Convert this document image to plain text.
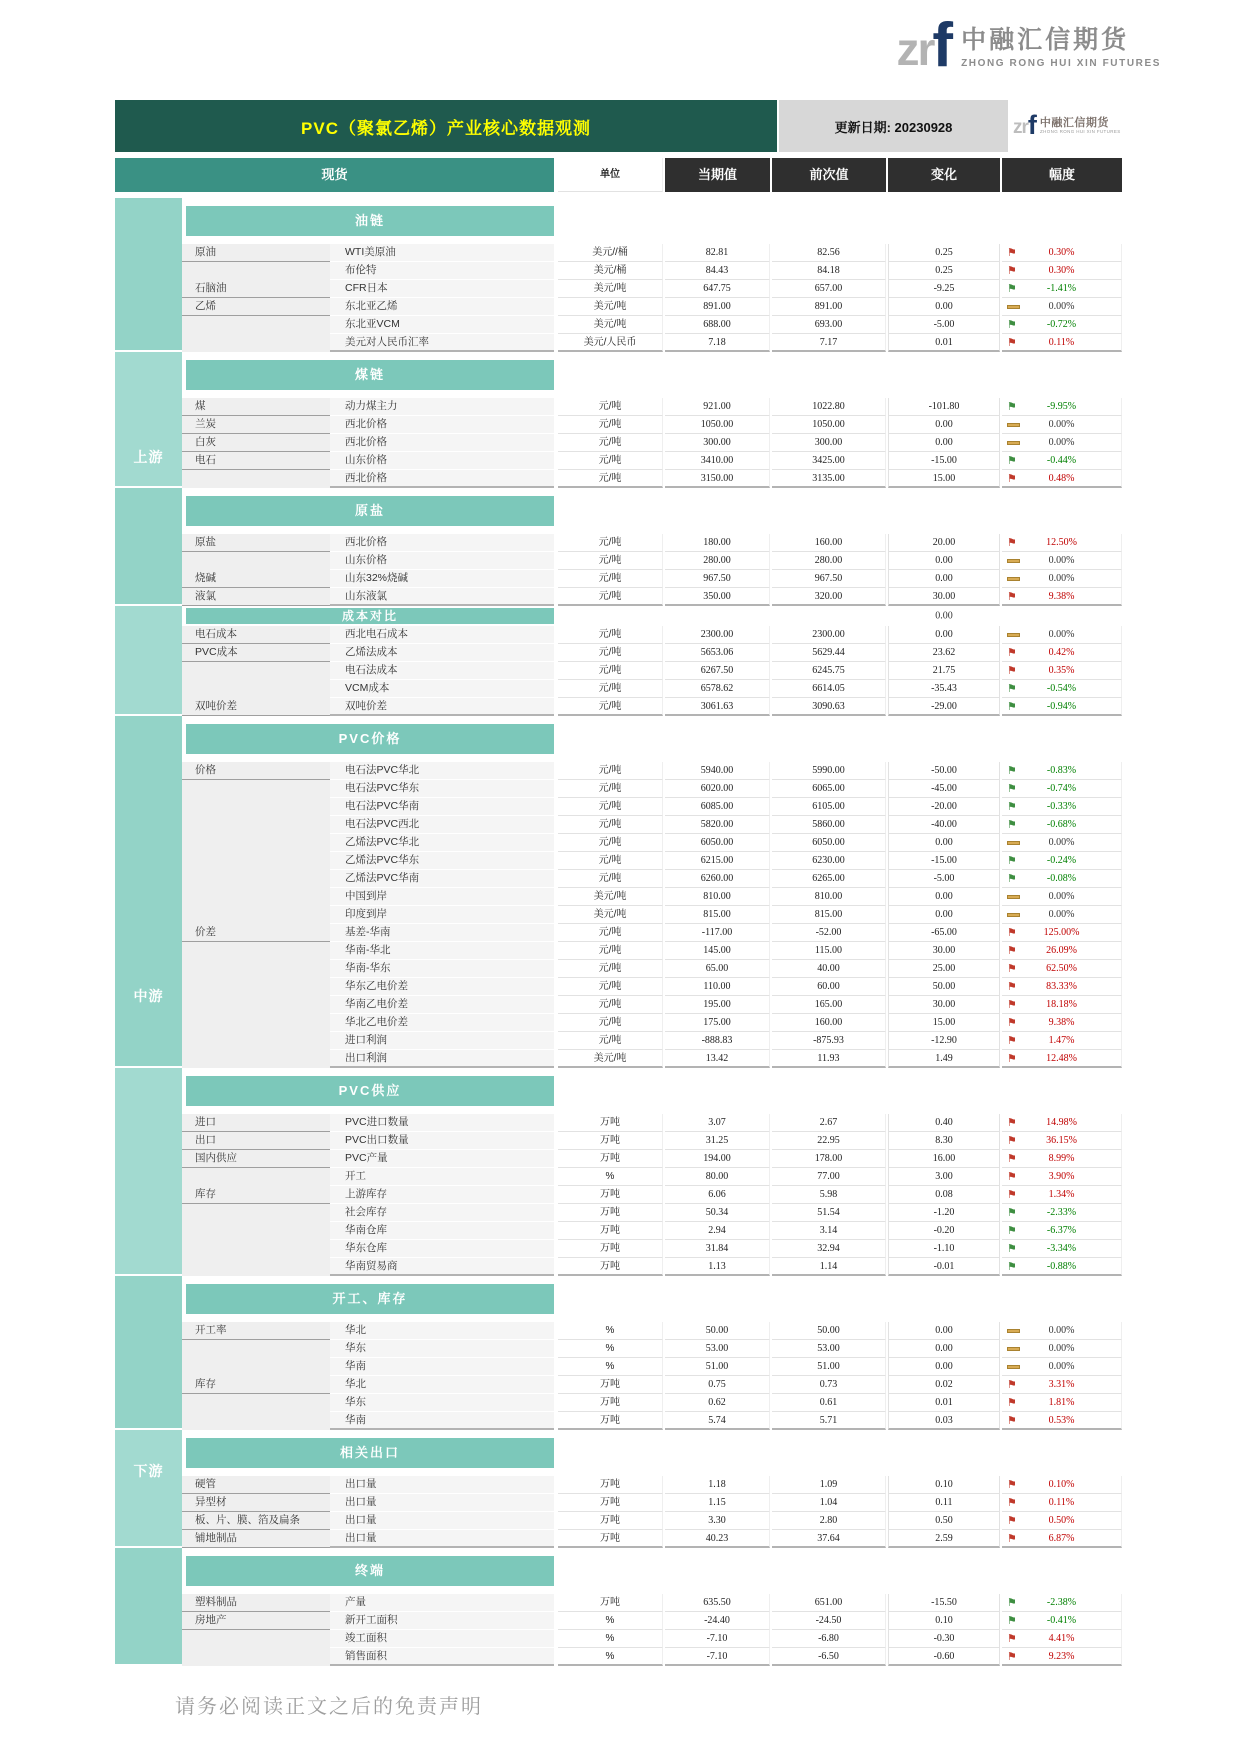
zr f 中融汇信期货
ZHONG RONG HUI XIN FUTURES
PVC（聚氯乙烯）产业核心数据观测	更新日期: 20230928	zr f 中融汇信期货
ZHONG RONG HUI XIN FUTURES
现货	单位	当期值	前次值	变化	幅度
油链
原油	WTI美原油	美元//桶	82.81	82.56	0.25	⚑	0.30%
布伦特	美元/桶	84.43	84.18	0.25	⚑	0.30%
石脑油	CFR日本	美元/吨	647.75	657.00	-9.25	⚑	-1.41%
乙烯	东北亚乙烯	美元/吨	891.00	891.00	0.00	0.00%
东北亚VCM	美元/吨	688.00	693.00	-5.00	⚑	-0.72%
美元对人民币汇率	美元/人民币	7.18	7.17	0.01	⚑	0.11%
煤链
煤	动力煤主力	元/吨	921.00	1022.80	-101.80	⚑	-9.95%
兰炭	西北价格	元/吨	1050.00	1050.00	0.00	0.00%
白灰	西北价格	元/吨	300.00	300.00	0.00	0.00%
电石	山东价格	元/吨	3410.00	3425.00	-15.00	⚑	-0.44%
西北价格	元/吨	3150.00	3135.00	15.00	⚑	0.48%
原盐
原盐	西北价格	元/吨	180.00	160.00	20.00	⚑	12.50%
山东价格	元/吨	280.00	280.00	0.00	0.00%
烧碱	山东32%烧碱	元/吨	967.50	967.50	0.00	0.00%
液氯	山东液氯	元/吨	350.00	320.00	30.00	⚑	9.38%
成本对比	0.00
电石成本	西北电石成本	元/吨	2300.00	2300.00	0.00	0.00%
PVC成本	乙烯法成本	元/吨	5653.06	5629.44	23.62	⚑	0.42%
电石法成本	元/吨	6267.50	6245.75	21.75	⚑	0.35%
VCM成本	元/吨	6578.62	6614.05	-35.43	⚑	-0.54%
双吨价差	双吨价差	元/吨	3061.63	3090.63	-29.00	⚑	-0.94%
PVC价格
价格	电石法PVC华北	元/吨	5940.00	5990.00	-50.00	⚑	-0.83%
电石法PVC华东	元/吨	6020.00	6065.00	-45.00	⚑	-0.74%
电石法PVC华南	元/吨	6085.00	6105.00	-20.00	⚑	-0.33%
电石法PVC西北	元/吨	5820.00	5860.00	-40.00	⚑	-0.68%
乙烯法PVC华北	元/吨	6050.00	6050.00	0.00	0.00%
乙烯法PVC华东	元/吨	6215.00	6230.00	-15.00	⚑	-0.24%
乙烯法PVC华南	元/吨	6260.00	6265.00	-5.00	⚑	-0.08%
中国到岸	美元/吨	810.00	810.00	0.00	0.00%
印度到岸	美元/吨	815.00	815.00	0.00	0.00%
价差	基差-华南	元/吨	-117.00	-52.00	-65.00	⚑	125.00%
华南-华北	元/吨	145.00	115.00	30.00	⚑	26.09%
华南-华东	元/吨	65.00	40.00	25.00	⚑	62.50%
华东乙电价差	元/吨	110.00	60.00	50.00	⚑	83.33%
华南乙电价差	元/吨	195.00	165.00	30.00	⚑	18.18%
华北乙电价差	元/吨	175.00	160.00	15.00	⚑	9.38%
进口利润	元/吨	-888.83	-875.93	-12.90	⚑	1.47%
出口利润	美元/吨	13.42	11.93	1.49	⚑	12.48%
PVC供应
进口	PVC进口数量	万吨	3.07	2.67	0.40	⚑	14.98%
出口	PVC出口数量	万吨	31.25	22.95	8.30	⚑	36.15%
国内供应	PVC产量	万吨	194.00	178.00	16.00	⚑	8.99%
开工	%	80.00	77.00	3.00	⚑	3.90%
库存	上游库存	万吨	6.06	5.98	0.08	⚑	1.34%
社会库存	万吨	50.34	51.54	-1.20	⚑	-2.33%
华南仓库	万吨	2.94	3.14	-0.20	⚑	-6.37%
华东仓库	万吨	31.84	32.94	-1.10	⚑	-3.34%
华南贸易商	万吨	1.13	1.14	-0.01	⚑	-0.88%
开工、库存
开工率	华北	%	50.00	50.00	0.00	0.00%
华东	%	53.00	53.00	0.00	0.00%
华南	%	51.00	51.00	0.00	0.00%
库存	华北	万吨	0.75	0.73	0.02	⚑	3.31%
华东	万吨	0.62	0.61	0.01	⚑	1.81%
华南	万吨	5.74	5.71	0.03	⚑	0.53%
相关出口
硬管	出口量	万吨	1.18	1.09	0.10	⚑	0.10%
异型材	出口量	万吨	1.15	1.04	0.11	⚑	0.11%
板、片、膜、箔及扁条	出口量	万吨	3.30	2.80	0.50	⚑	0.50%
铺地制品	出口量	万吨	40.23	37.64	2.59	⚑	6.87%
终端
塑料制品	产量	万吨	635.50	651.00	-15.50	⚑	-2.38%
房地产	新开工面积	%	-24.40	-24.50	0.10	⚑	-0.41%
竣工面积	%	-7.10	-6.80	-0.30	⚑	4.41%
销售面积	%	-7.10	-6.50	-0.60	⚑	9.23%
上游
中游
下游
请务必阅读正文之后的免责声明
